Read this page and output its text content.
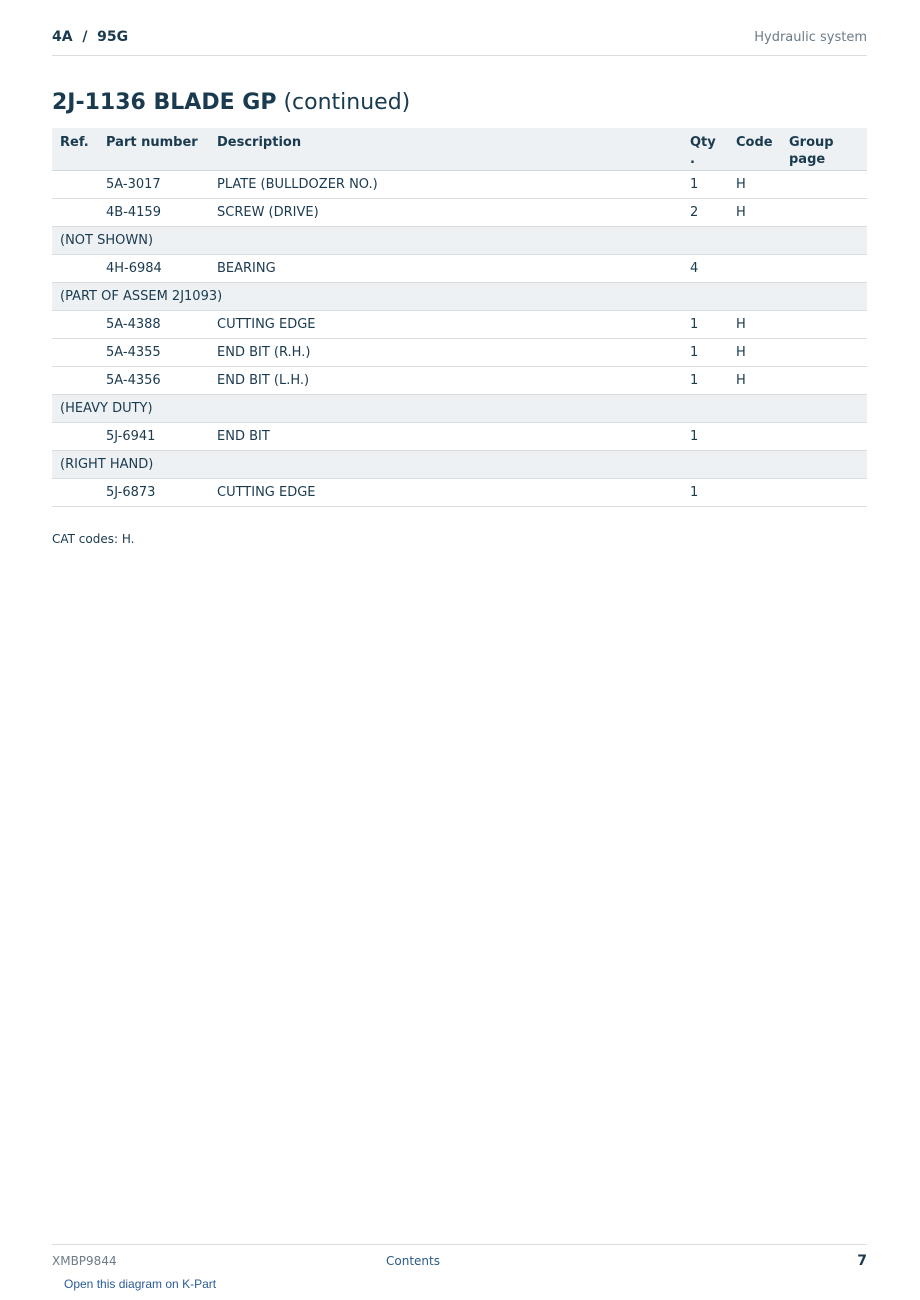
4A  /  95G	Hydraulic system
2J-1136 BLADE GP (continued)
Ref.	Part number	Description	Qty .	Code	Group page
	5A-3017	PLATE (BULLDOZER NO.)	1	H	
	4B-4159	SCREW (DRIVE)	2	H	
(NOT SHOWN)					
	4H-6984	BEARING	4		
(PART OF ASSEM 2J1093)					
	5A-4388	CUTTING EDGE	1	H	
	5A-4355	END BIT (R.H.)	1	H	
	5A-4356	END BIT (L.H.)	1	H	
(HEAVY DUTY)					
	5J-6941	END BIT	1		
(RIGHT HAND)					
	5J-6873	CUTTING EDGE	1		
CAT codes: H.
XMBP9844	Contents	7
Open this diagram on K-Part
